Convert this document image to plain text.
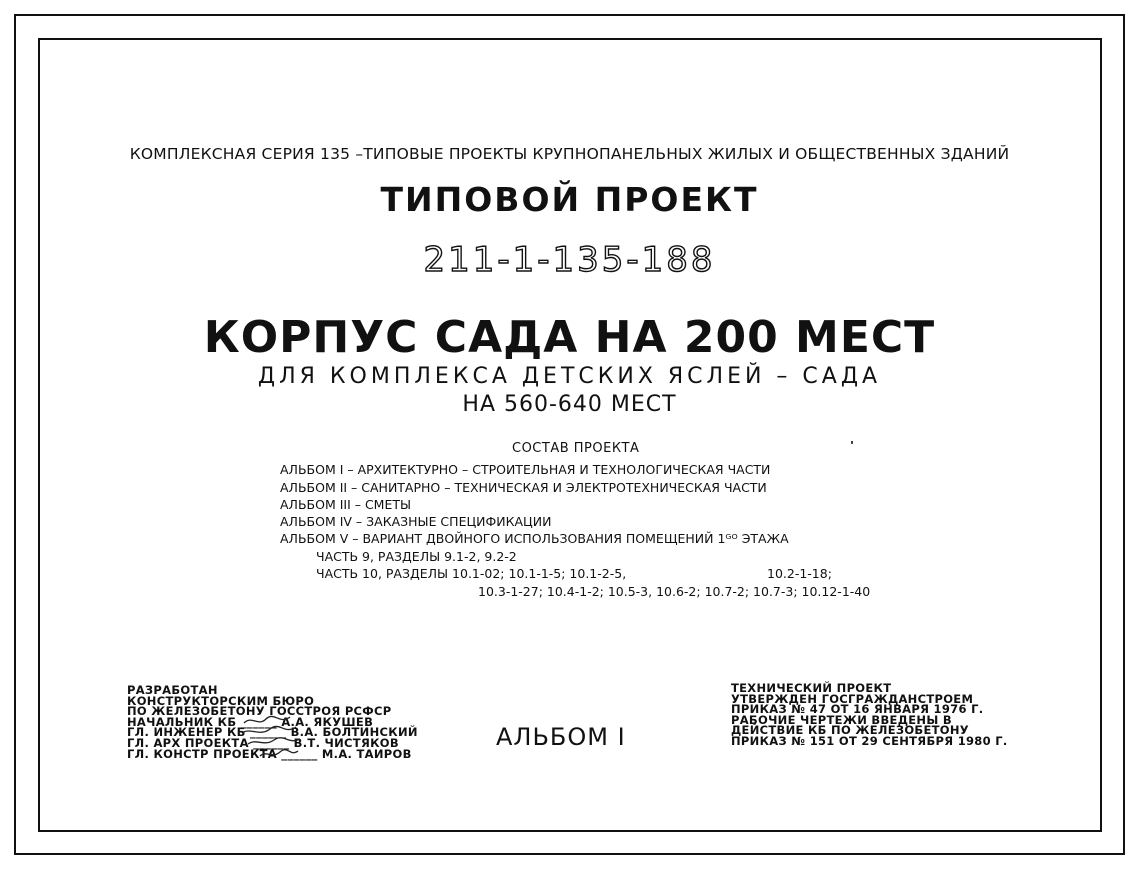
КОМПЛЕКСНАЯ СЕРИЯ 135 –ТИПОВЫЕ ПРОЕКТЫ КРУПНОПАНЕЛЬНЫХ ЖИЛЫХ И ОБЩЕСТВЕННЫХ ЗДАНИЙ
ТИПОВОЙ ПРОЕКТ
211-1-135-188
КОРПУС САДА НА 200 МЕСТ
ДЛЯ КОМПЛЕКСА ДЕТСКИХ ЯСЛЕЙ – САДА
НА 560-640 МЕСТ
СОСТАВ ПРОЕКТА
АЛЬБОМ I – АРХИТЕКТУРНО – СТРОИТЕЛЬНАЯ И ТЕХНОЛОГИЧЕСКАЯ ЧАСТИ
АЛЬБОМ II – САНИТАРНО – ТЕХНИЧЕСКАЯ И ЭЛЕКТРОТЕХНИЧЕСКАЯ ЧАСТИ
АЛЬБОМ III – СМЕТЫ
АЛЬБОМ IV – ЗАКАЗНЫЕ СПЕЦИФИКАЦИИ
АЛЬБОМ V – ВАРИАНТ ДВОЙНОГО ИСПОЛЬЗОВАНИЯ ПОМЕЩЕНИЙ 1ᴳᴼ ЭТАЖА
ЧАСТЬ 9, РАЗДЕЛЫ 9.1-2, 9.2-2
ЧАСТЬ 10, РАЗДЕЛЫ 10.1-02; 10.1-1-5; 10.1-2-5,	10.2-1-18;
10.3-1-27; 10.4-1-2; 10.5-3, 10.6-2; 10.7-2; 10.7-3; 10.12-1-40
РАЗРАБОТАН
КОНСТРУКТОРСКИМ БЮРО
ПО ЖЕЛЕЗОБЕТОНУ ГОССТРОЯ РСФСР
НАЧАЛЬНИК КБ ______ А.А. ЯКУШЕВ
ГЛ. ИНЖЕНЕР КБ ______ В.А. БОЛТИНСКИЙ
ГЛ. АРХ ПРОЕКТА ______ В.Т. ЧИСТЯКОВ
ГЛ. КОНСТР ПРОЕКТА ______ М.А. ТАИРОВ
АЛЬБОМ I
ТЕХНИЧЕСКИЙ ПРОЕКТ
УТВЕРЖДЕН ГОСГРАЖДАНСТРОЕМ
ПРИКАЗ № 47 ОТ 16 ЯНВАРЯ 1976 Г.
РАБОЧИЕ ЧЕРТЕЖИ ВВЕДЕНЫ В
ДЕЙСТВИЕ КБ ПО ЖЕЛЕЗОБЕТОНУ
ПРИКАЗ № 151 ОТ 29 СЕНТЯБРЯ 1980 Г.
